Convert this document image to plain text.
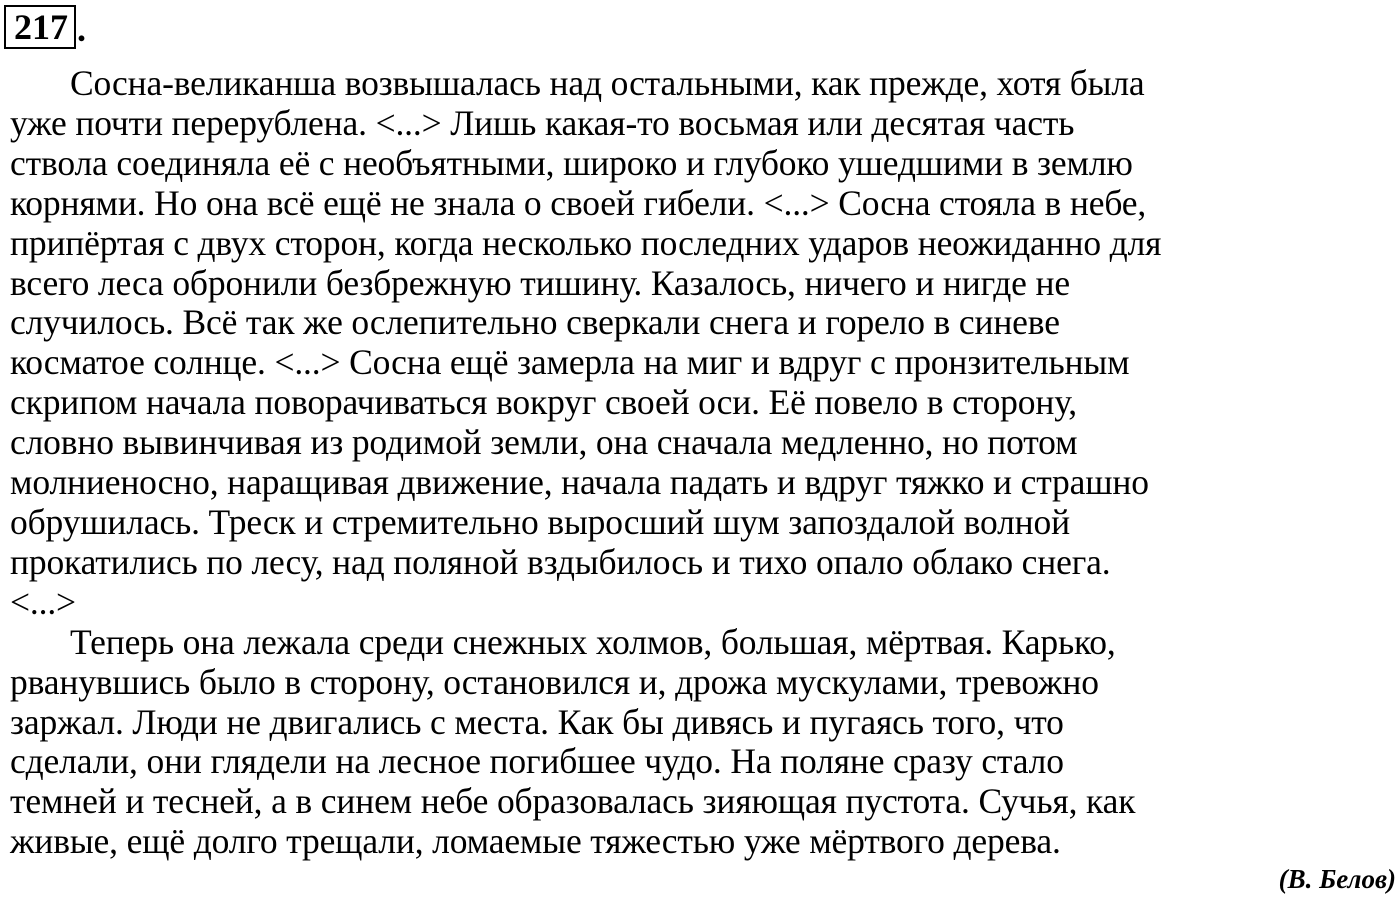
217 .
Сосна-великанша возвышалась над остальными, как прежде, хотя была
уже почти перерублена. <...> Лишь какая-то восьмая или десятая часть
ствола соединяла её с необъятными, широко и глубоко ушедшими в землю
корнями. Но она всё ещё не знала о своей гибели. <...> Сосна стояла в небе,
припёртая с двух сторон, когда несколько последних ударов неожиданно для
всего леса обронили безбрежную тишину. Казалось, ничего и нигде не
случилось. Всё так же ослепительно сверкали снега и горело в синеве
косматое солнце. <...> Сосна ещё замерла на миг и вдруг с пронзительным
скрипом начала поворачиваться вокруг своей оси. Её повело в сторону,
словно вывинчивая из родимой земли, она сначала медленно, но потом
молниеносно, наращивая движение, начала падать и вдруг тяжко и страшно
обрушилась. Треск и стремительно выросший шум запоздалой волной
прокатились по лесу, над поляной вздыбилось и тихо опало облако снега.
<...>
Теперь она лежала среди снежных холмов, большая, мёртвая. Карько,
рванувшись было в сторону, остановился и, дрожа мускулами, тревожно
заржал. Люди не двигались с места. Как бы дивясь и пугаясь того, что
сделали, они глядели на лесное погибшее чудо. На поляне сразу стало
темней и тесней, а в синем небе образовалась зияющая пустота. Сучья, как
живые, ещё долго трещали, ломаемые тяжестью уже мёртвого дерева.
(В. Белов)
